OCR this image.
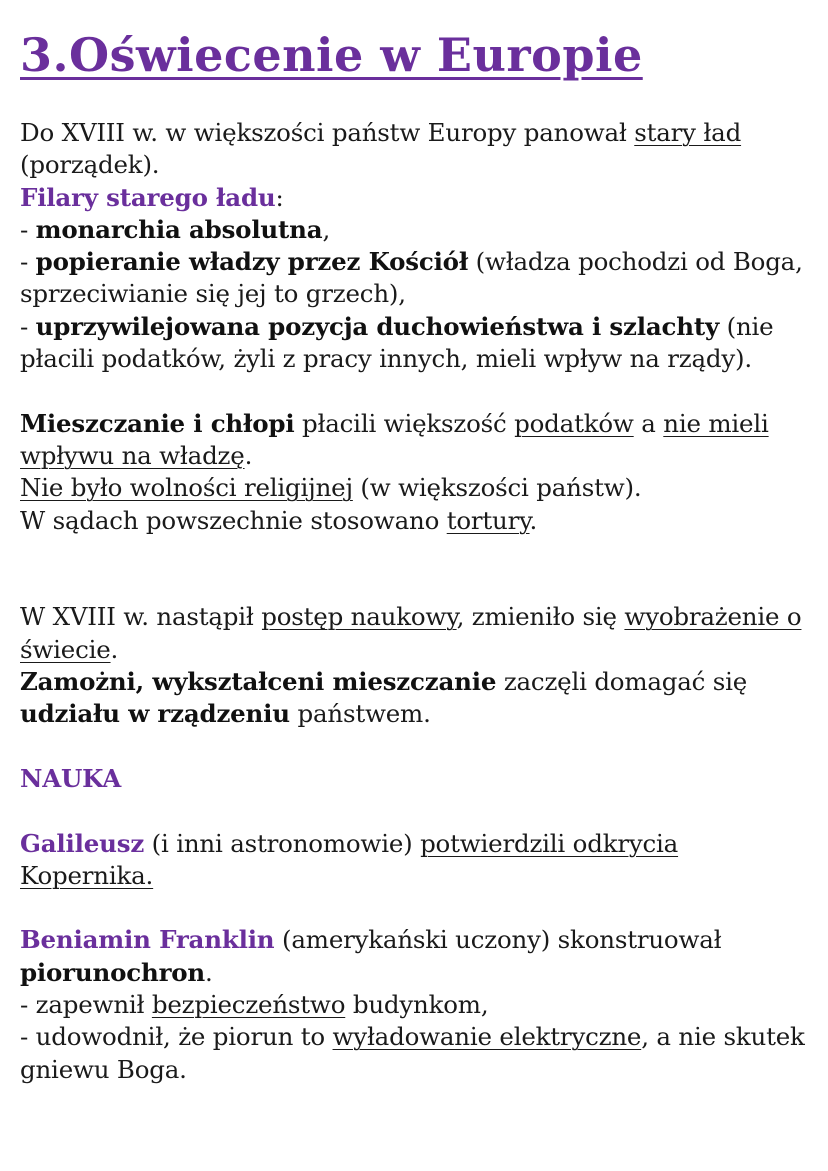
3.Oświecenie w Europie

Do XVIII w. w większości państw Europy panował stary ład (porządek).

Filary starego ładu:

- monarchia absolutna,

- popieranie władzy przez Kościół (władza pochodzi od Boga, sprzeciwianie się jej to grzech),

- uprzywilejowana pozycja duchowieństwa i szlachty (nie płacili podatków, żyli z pracy innych, mieli wpływ na rządy).

Mieszczanie i chłopi płacili większość podatków a nie mieli wpływu na władzę.

Nie było wolności religijnej (w większości państw).

W sądach powszechnie stosowano tortury.

W XVIII w. nastąpił postęp naukowy, zmieniło się wyobrażenie o świecie.

Zamożni, wykształceni mieszczanie zaczęli domagać się udziału w rządzeniu państwem.

NAUKA

Galileusz (i inni astronomowie) potwierdzili odkrycia Kopernika.

Beniamin Franklin (amerykański uczony) skonstruował piorunochron.

- zapewnił bezpieczeństwo budynkom,

- udowodnił, że piorun to wyładowanie elektryczne, a nie skutek gniewu Boga.
